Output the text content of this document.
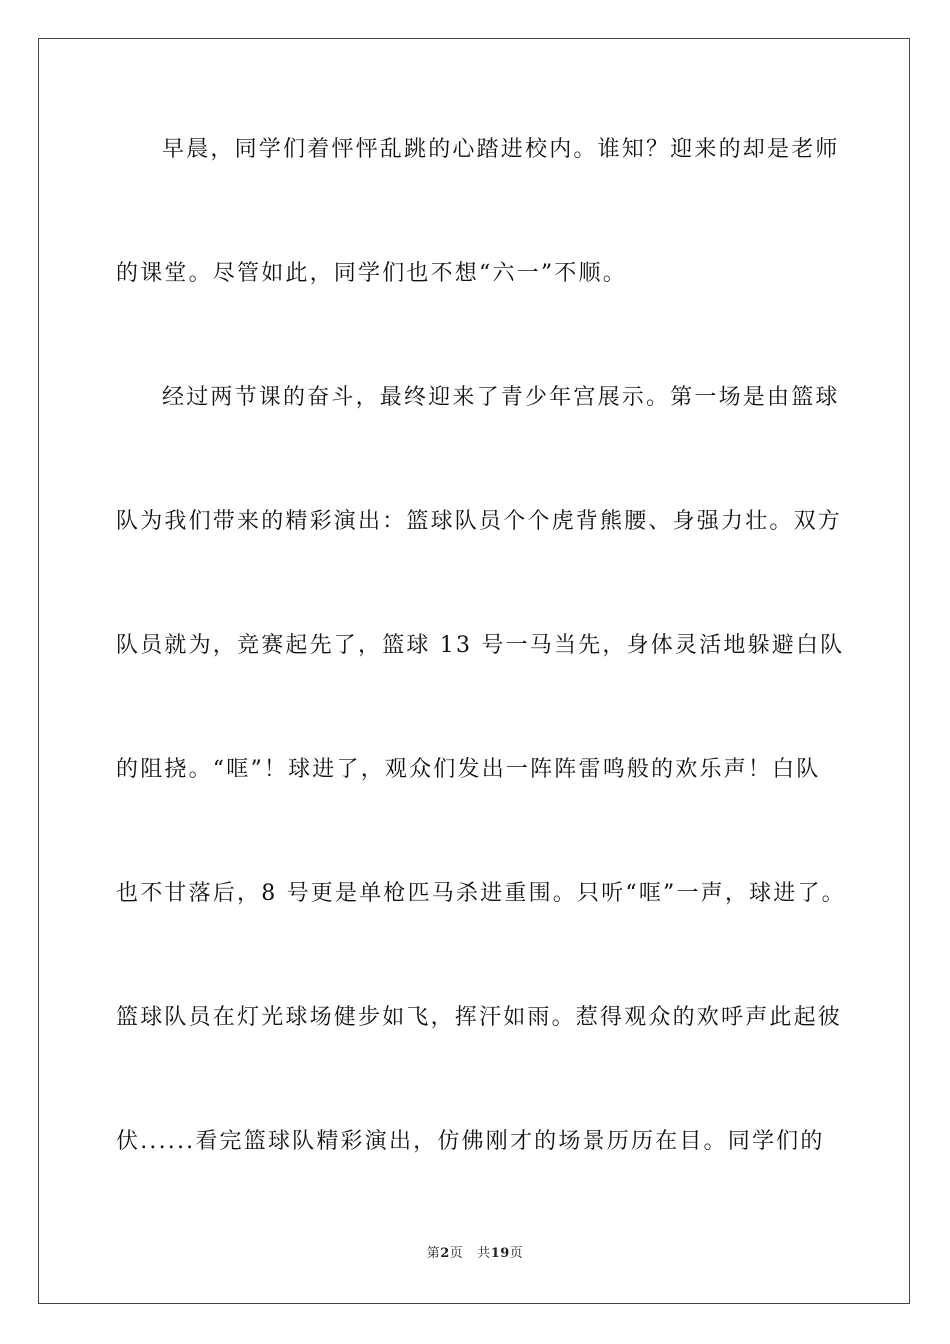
早晨，同学们着怦怦乱跳的心踏进校内。谁知？迎来的却是老师
的课堂。尽管如此，同学们也不想“六一”不顺。
经过两节课的奋斗，最终迎来了青少年宫展示。第一场是由篮球
队为我们带来的精彩演出：篮球队员个个虎背熊腰、身强力壮。双方
队员就为，竞赛起先了，篮球 13 号一马当先，身体灵活地躲避白队
的阻挠。“哐”！球进了，观众们发出一阵阵雷鸣般的欢乐声！白队
也不甘落后，8 号更是单枪匹马杀进重围。只听“哐”一声，球进了。
篮球队员在灯光球场健步如飞，挥汗如雨。惹得观众的欢呼声此起彼
伏......看完篮球队精彩演出，仿佛刚才的场景历历在目。同学们的
第2页 共19页
